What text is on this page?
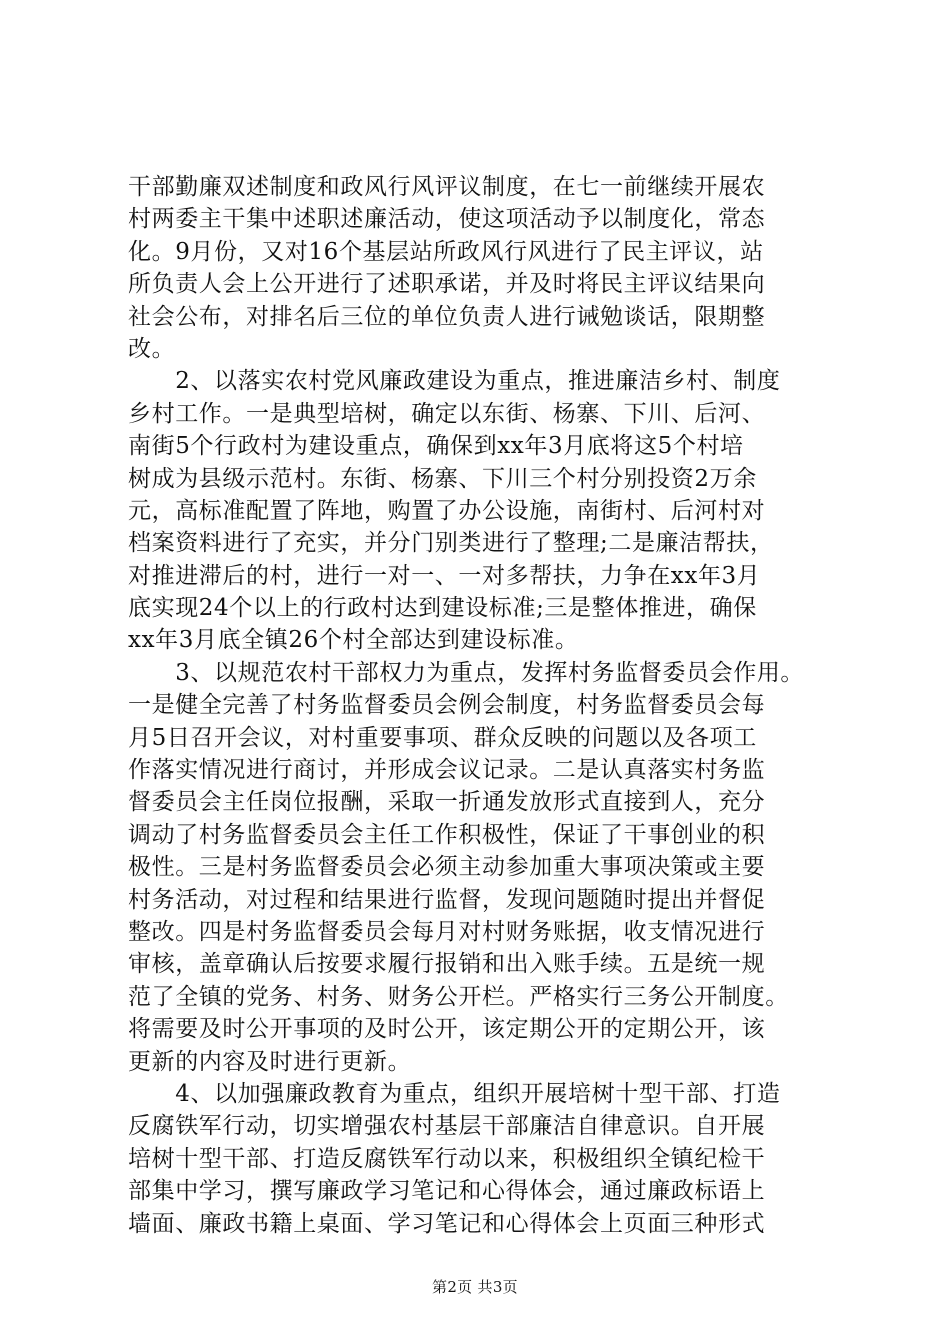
干部勤廉双述制度和政风行风评议制度，在七一前继续开展农
村两委主干集中述职述廉活动，使这项活动予以制度化，常态
化。9月份，又对16个基层站所政风行风进行了民主评议，站
所负责人会上公开进行了述职承诺，并及时将民主评议结果向
社会公布，对排名后三位的单位负责人进行诫勉谈话，限期整
改。
　　2、以落实农村党风廉政建设为重点，推进廉洁乡村、制度
乡村工作。一是典型培树，确定以东街、杨寨、下川、后河、
南街5个行政村为建设重点，确保到xx年3月底将这5个村培
树成为县级示范村。东街、杨寨、下川三个村分别投资2万余
元，高标准配置了阵地，购置了办公设施，南街村、后河村对
档案资料进行了充实，并分门别类进行了整理;二是廉洁帮扶，
对推进滞后的村，进行一对一、一对多帮扶，力争在xx年3月
底实现24个以上的行政村达到建设标准;三是整体推进，确保
xx年3月底全镇26个村全部达到建设标准。
　　3、以规范农村干部权力为重点，发挥村务监督委员会作用。
一是健全完善了村务监督委员会例会制度，村务监督委员会每
月5日召开会议，对村重要事项、群众反映的问题以及各项工
作落实情况进行商讨，并形成会议记录。二是认真落实村务监
督委员会主任岗位报酬，采取一折通发放形式直接到人，充分
调动了村务监督委员会主任工作积极性，保证了干事创业的积
极性。三是村务监督委员会必须主动参加重大事项决策或主要
村务活动，对过程和结果进行监督，发现问题随时提出并督促
整改。四是村务监督委员会每月对村财务账据，收支情况进行
审核，盖章确认后按要求履行报销和出入账手续。五是统一规
范了全镇的党务、村务、财务公开栏。严格实行三务公开制度。
将需要及时公开事项的及时公开，该定期公开的定期公开，该
更新的内容及时进行更新。
　　4、以加强廉政教育为重点，组织开展培树十型干部、打造
反腐铁军行动，切实增强农村基层干部廉洁自律意识。自开展
培树十型干部、打造反腐铁军行动以来，积极组织全镇纪检干
部集中学习，撰写廉政学习笔记和心得体会，通过廉政标语上
墙面、廉政书籍上桌面、学习笔记和心得体会上页面三种形式
第2页 共3页
